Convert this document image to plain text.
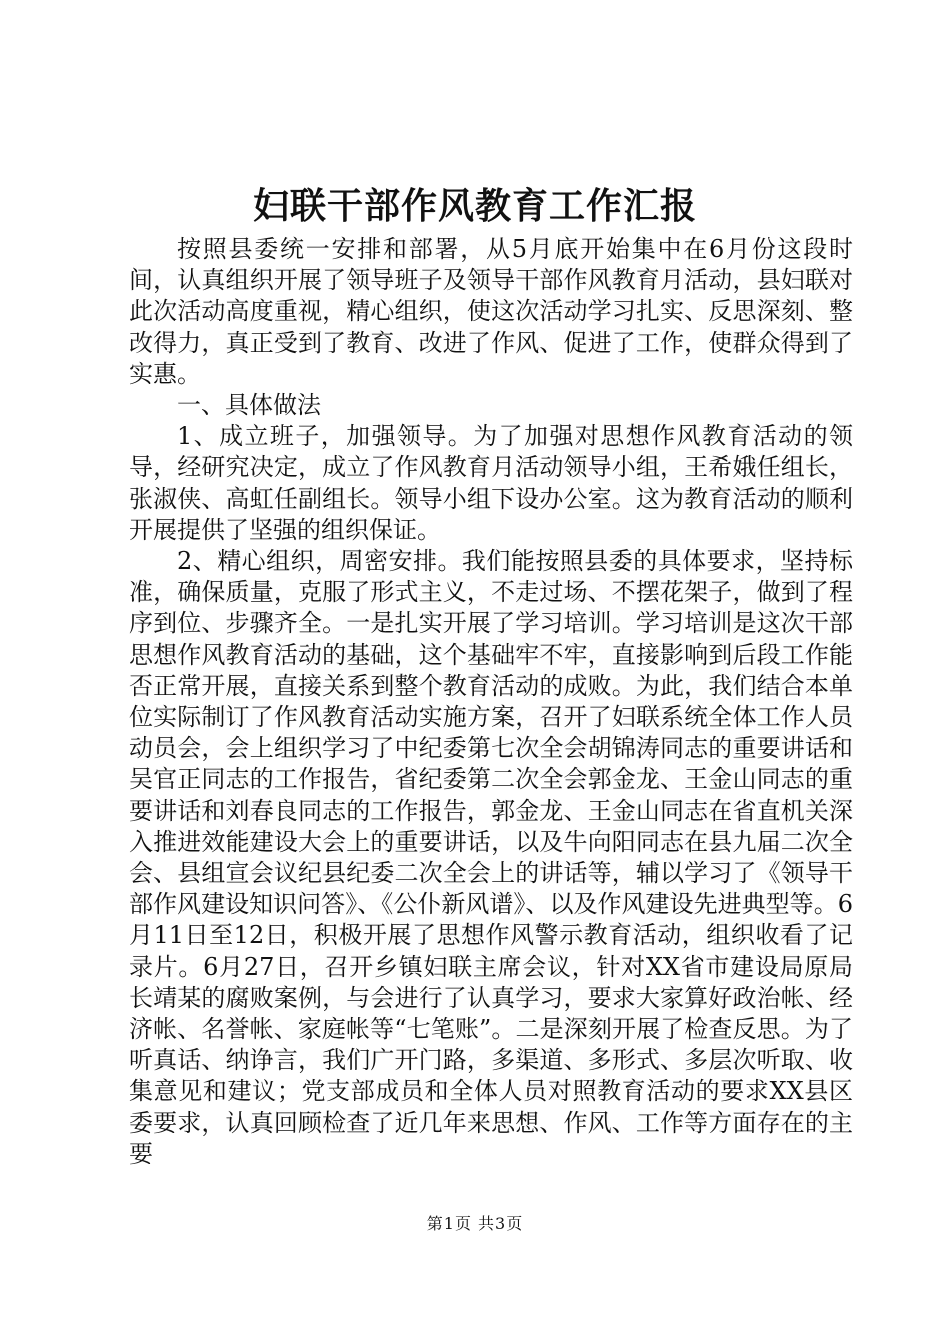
妇联干部作风教育工作汇报

按照县委统一安排和部署，从5月底开始集中在6月份这段时间，认真组织开展了领导班子及领导干部作风教育月活动，县妇联对此次活动高度重视，精心组织，使这次活动学习扎实、反思深刻、整改得力，真正受到了教育、改进了作风、促进了工作，使群众得到了实惠。

一、具体做法

1、成立班子，加强领导。为了加强对思想作风教育活动的领导，经研究决定，成立了作风教育月活动领导小组，王希娥任组长，张淑侠、高虹任副组长。领导小组下设办公室。这为教育活动的顺利开展提供了坚强的组织保证。

2、精心组织，周密安排。我们能按照县委的具体要求，坚持标准，确保质量，克服了形式主义，不走过场、不摆花架子，做到了程序到位、步骤齐全。一是扎实开展了学习培训。学习培训是这次干部思想作风教育活动的基础，这个基础牢不牢，直接影响到后段工作能否正常开展，直接关系到整个教育活动的成败。为此，我们结合本单位实际制订了作风教育活动实施方案，召开了妇联系统全体工作人员动员会，会上组织学习了中纪委第七次全会胡锦涛同志的重要讲话和吴官正同志的工作报告，省纪委第二次全会郭金龙、王金山同志的重要讲话和刘春良同志的工作报告，郭金龙、王金山同志在省直机关深入推进效能建设大会上的重要讲话，以及牛向阳同志在县九届二次全会、县组宣会议纪县纪委二次全会上的讲话等，辅以学习了《领导干部作风建设知识问答》、《公仆新风谱》、以及作风建设先进典型等。6月11日至12日，积极开展了思想作风警示教育活动，组织收看了记录片。6月27日，召开乡镇妇联主席会议，针对XX省市建设局原局长靖某的腐败案例，与会进行了认真学习，要求大家算好政治帐、经济帐、名誉帐、家庭帐等“七笔账”。二是深刻开展了检查反思。为了听真话、纳诤言，我们广开门路，多渠道、多形式、多层次听取、收集意见和建议；党支部成员和全体人员对照教育活动的要求XX县区委要求，认真回顾检查了近几年来思想、作风、工作等方面存在的主要

第1页 共3页
